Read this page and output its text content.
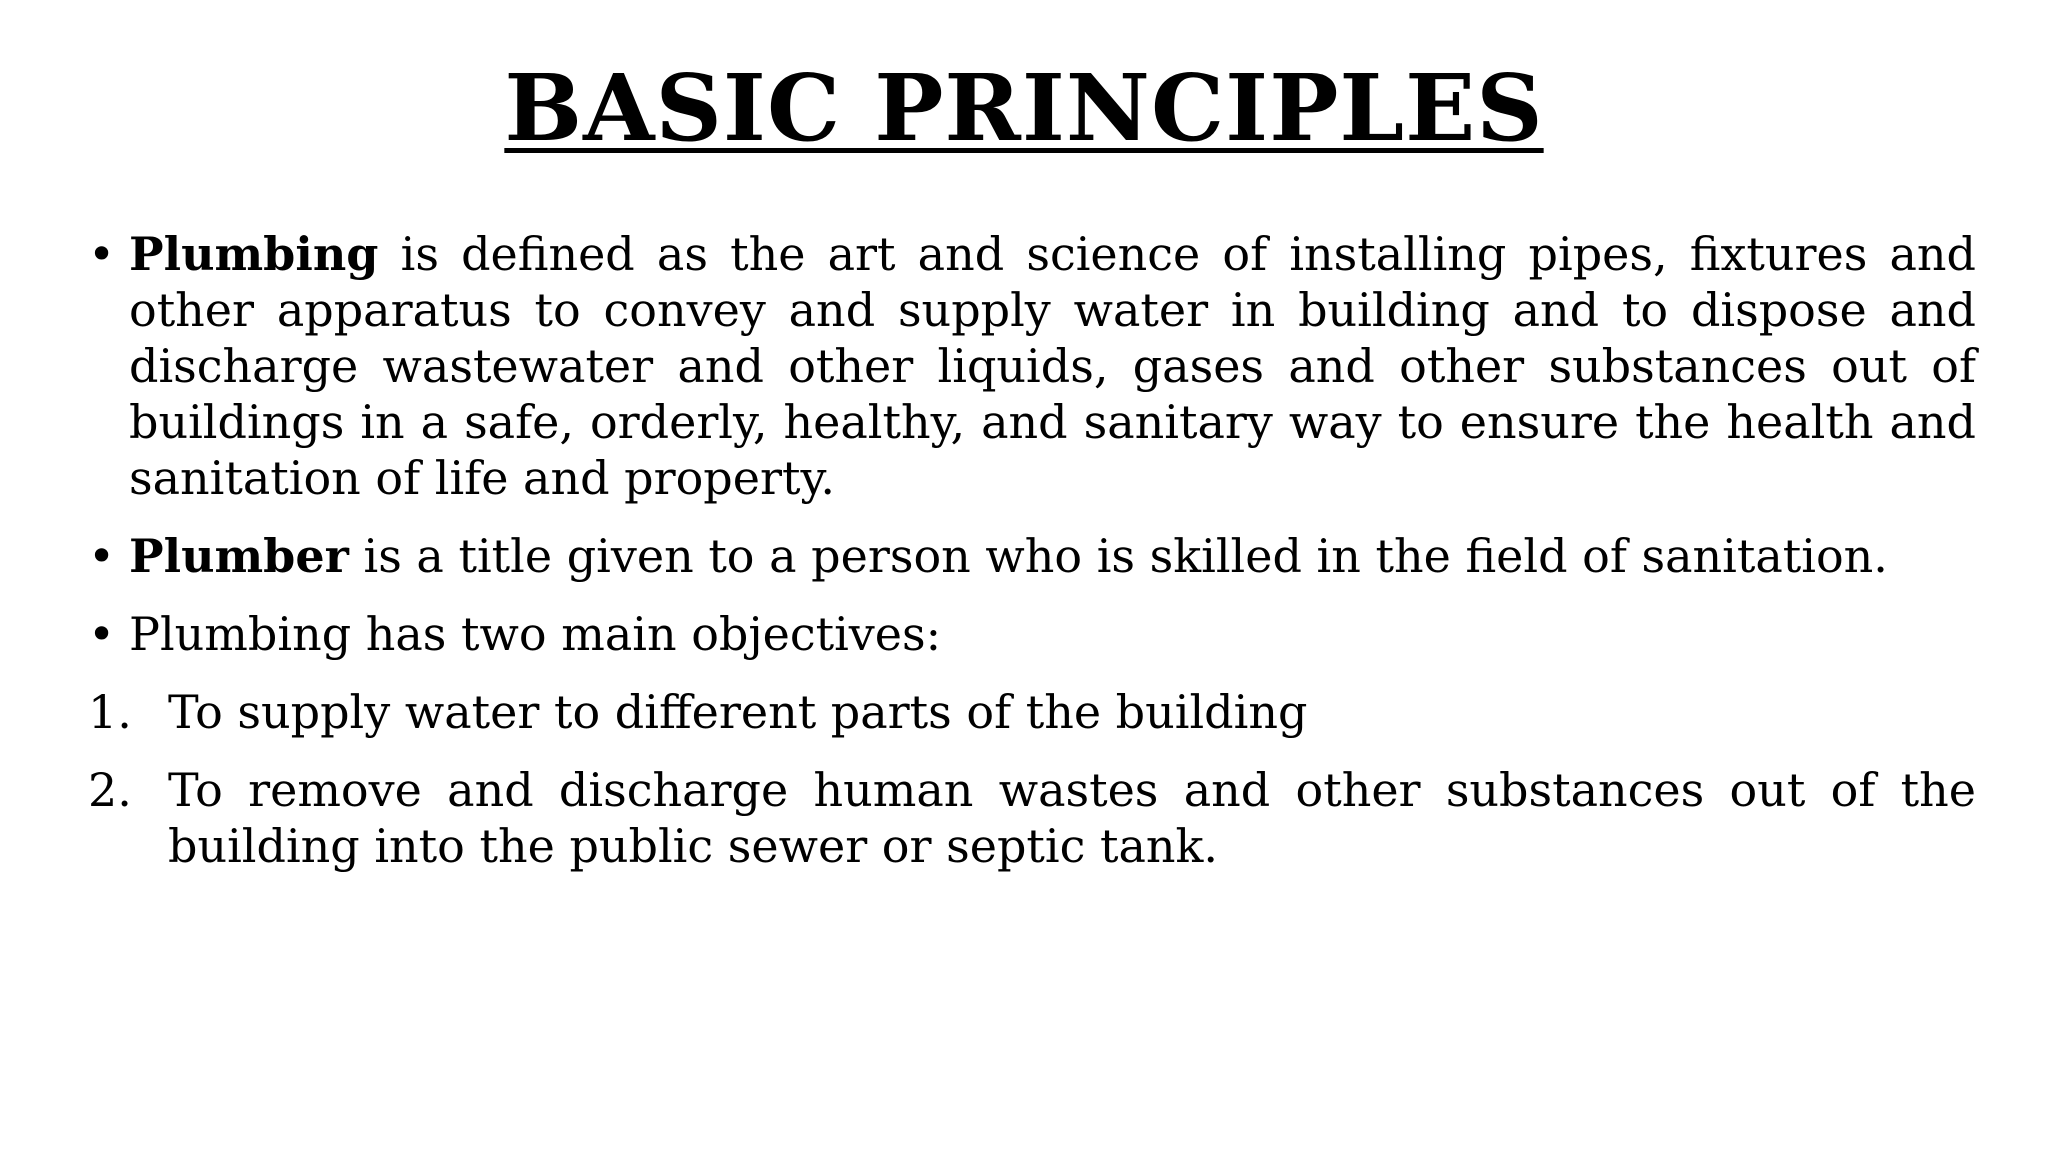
BASIC PRINCIPLES
• Plumbing is defined as the art and science of installing pipes, fixtures and other apparatus to convey and supply water in building and to dispose and discharge wastewater and other liquids, gases and other substances out of buildings in a safe, orderly, healthy, and sanitary way to ensure the health and sanitation of life and property.
• Plumber is a title given to a person who is skilled in the field of sanitation.
• Plumbing has two main objectives:
1. To supply water to different parts of the building
2. To remove and discharge human wastes and other substances out of the building into the public sewer or septic tank.
